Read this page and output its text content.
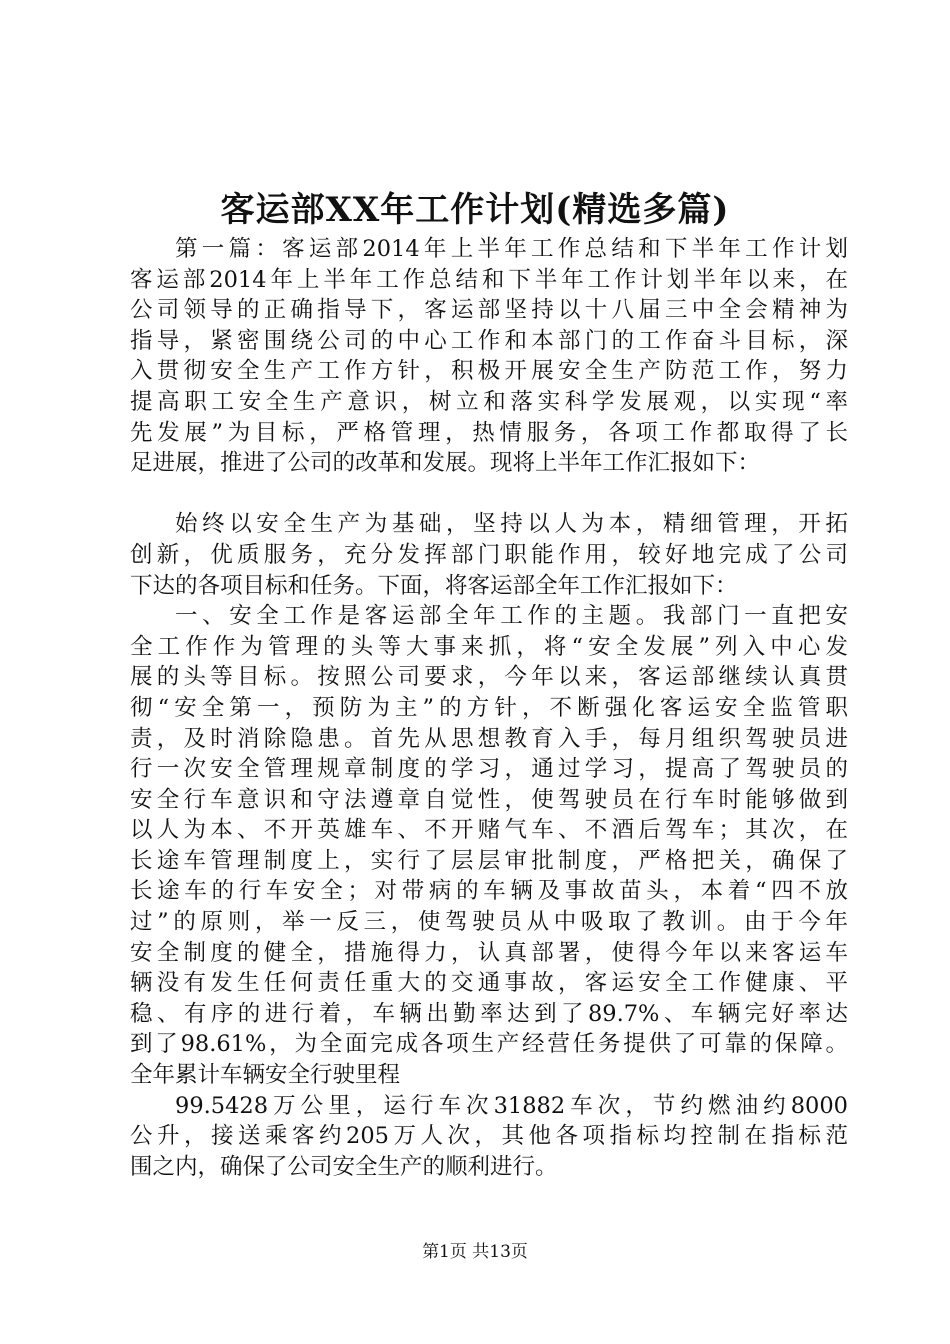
客运部XX年工作计划(精选多篇)
第一篇：客运部2014年上半年工作总结和下半年工作计划
客运部2014年上半年工作总结和下半年工作计划半年以来，在
公司领导的正确指导下，客运部坚持以十八届三中全会精神为
指导，紧密围绕公司的中心工作和本部门的工作奋斗目标，深
入贯彻安全生产工作方针，积极开展安全生产防范工作，努力
提高职工安全生产意识，树立和落实科学发展观，以实现“率
先发展”为目标，严格管理，热情服务，各项工作都取得了长
足进展，推进了公司的改革和发展。现将上半年工作汇报如下：
始终以安全生产为基础，坚持以人为本，精细管理，开拓
创新，优质服务，充分发挥部门职能作用，较好地完成了公司
下达的各项目标和任务。下面，将客运部全年工作汇报如下：
一、安全工作是客运部全年工作的主题。我部门一直把安
全工作作为管理的头等大事来抓，将“安全发展”列入中心发
展的头等目标。按照公司要求，今年以来，客运部继续认真贯
彻“安全第一，预防为主”的方针，不断强化客运安全监管职
责，及时消除隐患。首先从思想教育入手，每月组织驾驶员进
行一次安全管理规章制度的学习，通过学习，提高了驾驶员的
安全行车意识和守法遵章自觉性，使驾驶员在行车时能够做到
以人为本、不开英雄车、不开赌气车、不酒后驾车；其次，在
长途车管理制度上，实行了层层审批制度，严格把关，确保了
长途车的行车安全；对带病的车辆及事故苗头，本着“四不放
过”的原则，举一反三，使驾驶员从中吸取了教训。由于今年
安全制度的健全，措施得力，认真部署，使得今年以来客运车
辆没有发生任何责任重大的交通事故，客运安全工作健康、平
稳、有序的进行着，车辆出勤率达到了89.7%、车辆完好率达
到了98.61%，为全面完成各项生产经营任务提供了可靠的保障。
全年累计车辆安全行驶里程
99.5428万公里，运行车次31882车次，节约燃油约8000
公升，接送乘客约205万人次，其他各项指标均控制在指标范
围之内，确保了公司安全生产的顺利进行。
第1页 共13页
